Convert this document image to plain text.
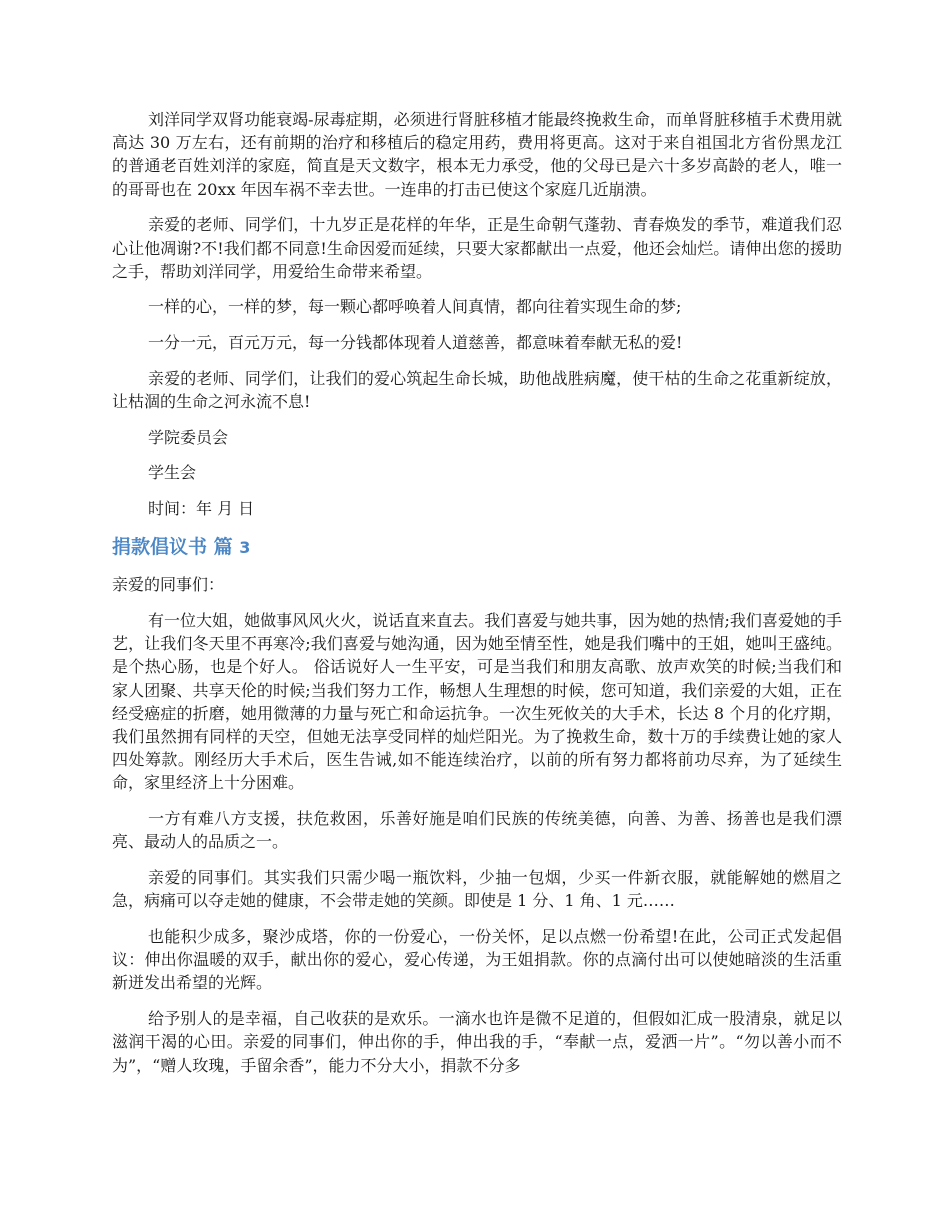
刘洋同学双肾功能衰竭-尿毒症期，必须进行肾脏移植才能最终挽救生命，而单肾脏移植手术费用就高达 30 万左右，还有前期的治疗和移植后的稳定用药，费用将更高。这对于来自祖国北方省份黑龙江的普通老百姓刘洋的家庭，简直是天文数字，根本无力承受，他的父母已是六十多岁高龄的老人，唯一的哥哥也在 20xx 年因车祸不幸去世。一连串的打击已使这个家庭几近崩溃。

亲爱的老师、同学们，十九岁正是花样的年华，正是生命朝气蓬勃、青春焕发的季节，难道我们忍心让他凋谢?不!我们都不同意!生命因爱而延续，只要大家都献出一点爱，他还会灿烂。请伸出您的援助之手，帮助刘洋同学，用爱给生命带来希望。

一样的心，一样的梦，每一颗心都呼唤着人间真情，都向往着实现生命的梦;

一分一元，百元万元，每一分钱都体现着人道慈善，都意味着奉献无私的爱!

亲爱的老师、同学们，让我们的爱心筑起生命长城，助他战胜病魔，使干枯的生命之花重新绽放，让枯涸的生命之河永流不息!

学院委员会

学生会

时间：年 月 日

捐款倡议书 篇 3

亲爱的同事们：

有一位大姐，她做事风风火火，说话直来直去。我们喜爱与她共事，因为她的热情;我们喜爱她的手艺，让我们冬天里不再寒冷;我们喜爱与她沟通，因为她至情至性，她是我们嘴中的王姐，她叫王盛纯。是个热心肠，也是个好人。 俗话说好人一生平安，可是当我们和朋友高歌、放声欢笑的时候;当我们和家人团聚、共享天伦的时候;当我们努力工作，畅想人生理想的时候，您可知道，我们亲爱的大姐，正在经受癌症的折磨，她用微薄的力量与死亡和命运抗争。一次生死攸关的大手术，长达 8 个月的化疗期，我们虽然拥有同样的天空，但她无法享受同样的灿烂阳光。为了挽救生命，数十万的手续费让她的家人四处筹款。刚经历大手术后，医生告诫,如不能连续治疗，以前的所有努力都将前功尽弃，为了延续生命，家里经济上十分困难。

一方有难八方支援，扶危救困，乐善好施是咱们民族的传统美德，向善、为善、扬善也是我们漂亮、最动人的品质之一。

亲爱的同事们。其实我们只需少喝一瓶饮料，少抽一包烟，少买一件新衣服，就能解她的燃眉之急，病痛可以夺走她的健康，不会带走她的笑颜。即使是 1 分、1 角、1 元……

也能积少成多，聚沙成塔，你的一份爱心，一份关怀，足以点燃一份希望!在此，公司正式发起倡议：伸出你温暖的双手，献出你的爱心，爱心传递，为王姐捐款。你的点滴付出可以使她暗淡的生活重新迸发出希望的光辉。

给予别人的是幸福，自己收获的是欢乐。一滴水也许是微不足道的，但假如汇成一股清泉，就足以滋润干渴的心田。亲爱的同事们，伸出你的手，伸出我的手，“奉献一点，爱洒一片”。“勿以善小而不为”，“赠人玫瑰，手留余香”，能力不分大小，捐款不分多
